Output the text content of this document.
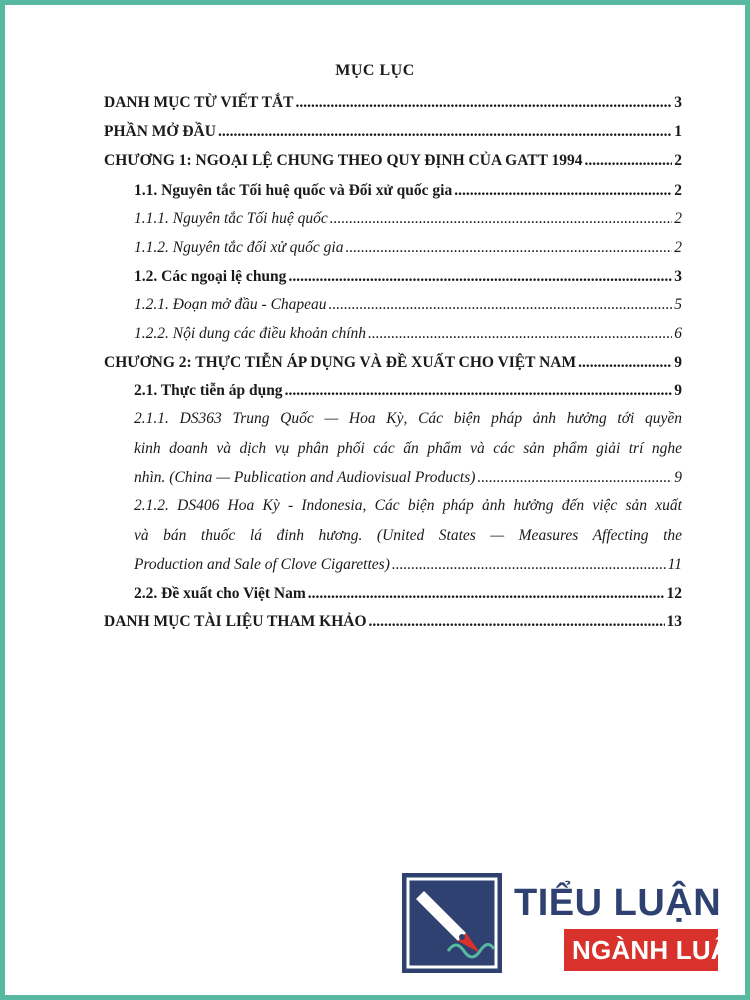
MỤC LỤC
DANH MỤC TỪ VIẾT TẮT .....	3
PHẦN MỞ ĐẦU .....	1
CHƯƠNG 1: NGOẠI LỆ CHUNG THEO QUY ĐỊNH CỦA GATT 1994 .....	2
1.1. Nguyên tắc Tối huệ quốc và Đối xử quốc gia .....	2
1.1.1. Nguyên tắc Tối huệ quốc .....	2
1.1.2. Nguyên tắc đối xử quốc gia .....	2
1.2. Các ngoại lệ chung .....	3
1.2.1. Đoạn mở đầu - Chapeau .....	5
1.2.2. Nội dung các điều khoản chính .....	6
CHƯƠNG 2: THỰC TIỄN ÁP DỤNG VÀ ĐỀ XUẤT CHO VIỆT NAM .....	9
2.1. Thực tiễn áp dụng .....	9
2.1.1. DS363 Trung Quốc — Hoa Kỳ, Các biện pháp ảnh hưởng tới quyền
kinh doanh và dịch vụ phân phối các ấn phẩm và các sản phẩm giải trí nghe
nhìn. (China — Publication and Audiovisual Products) .....	9
2.1.2. DS406 Hoa Kỳ - Indonesia, Các biện pháp ảnh hưởng đến việc sản xuất
và bán thuốc lá đinh hương. (United States — Measures Affecting the
Production and Sale of Clove Cigarettes) .....	11
2.2. Đề xuất cho Việt Nam .....	12
DANH MỤC TÀI LIỆU THAM KHẢO .....	13
TIỂU LUẬN
NGÀNH LUẬT
